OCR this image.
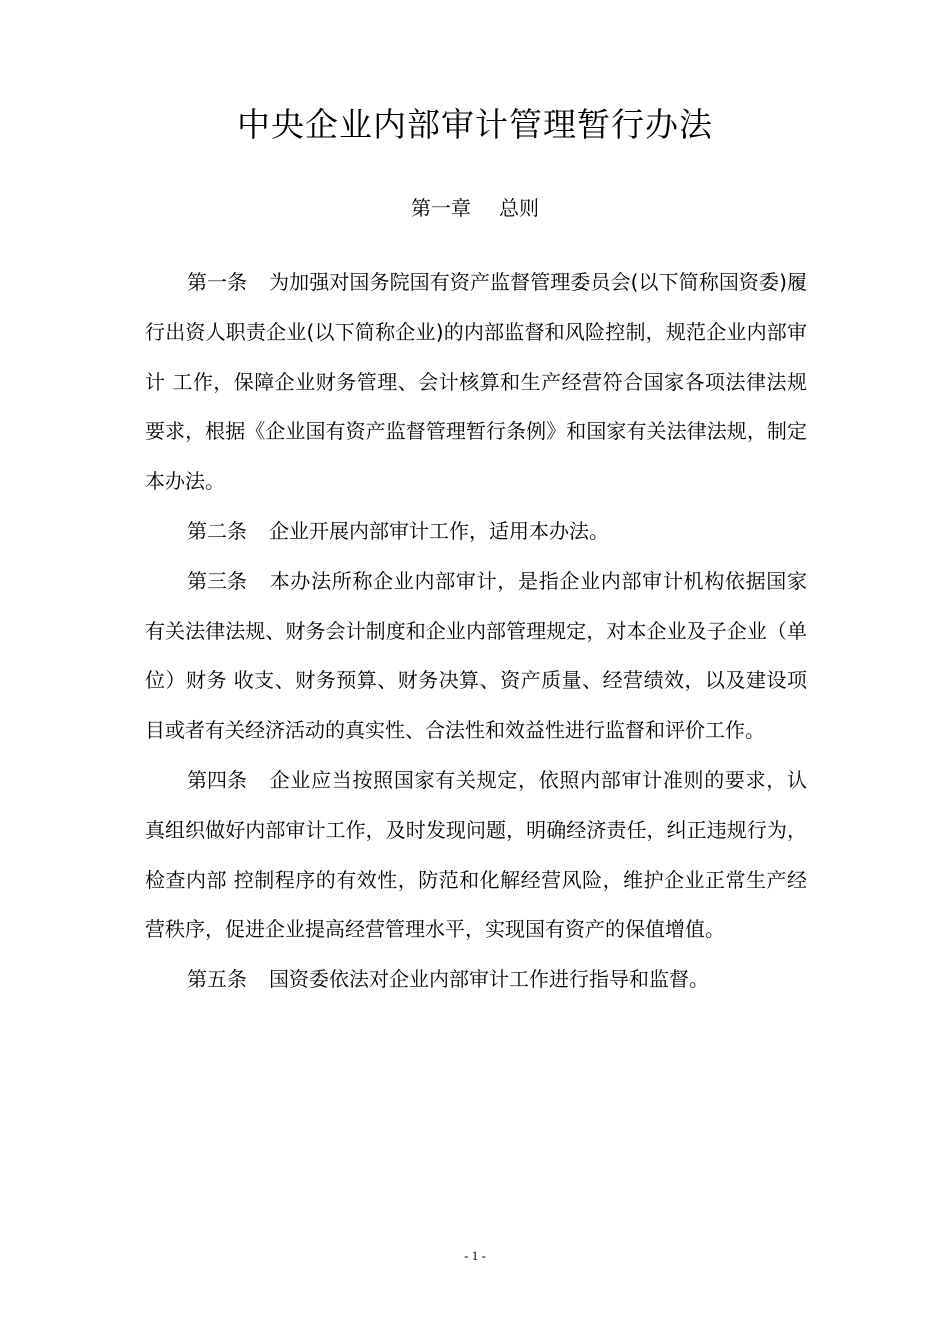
中央企业内部审计管理暂行办法
第一章 总则

第一条 为加强对国务院国有资产监督管理委员会(以下简称国资委)履行出资人职责企业(以下简称企业)的内部监督和风险控制，规范企业内部审计 工作，保障企业财务管理、会计核算和生产经营符合国家各项法律法规要求，根据《企业国有资产监督管理暂行条例》和国家有关法律法规，制定本办法。

第二条 企业开展内部审计工作，适用本办法。

第三条 本办法所称企业内部审计，是指企业内部审计机构依据国家有关法律法规、财务会计制度和企业内部管理规定，对本企业及子企业（单位）财务 收支、财务预算、财务决算、资产质量、经营绩效，以及建设项目或者有关经济活动的真实性、合法性和效益性进行监督和评价工作。

第四条 企业应当按照国家有关规定，依照内部审计准则的要求，认真组织做好内部审计工作，及时发现问题，明确经济责任，纠正违规行为，检查内部 控制程序的有效性，防范和化解经营风险，维护企业正常生产经营秩序，促进企业提高经营管理水平，实现国有资产的保值增值。

第五条 国资委依法对企业内部审计工作进行指导和监督。

- 1 -
